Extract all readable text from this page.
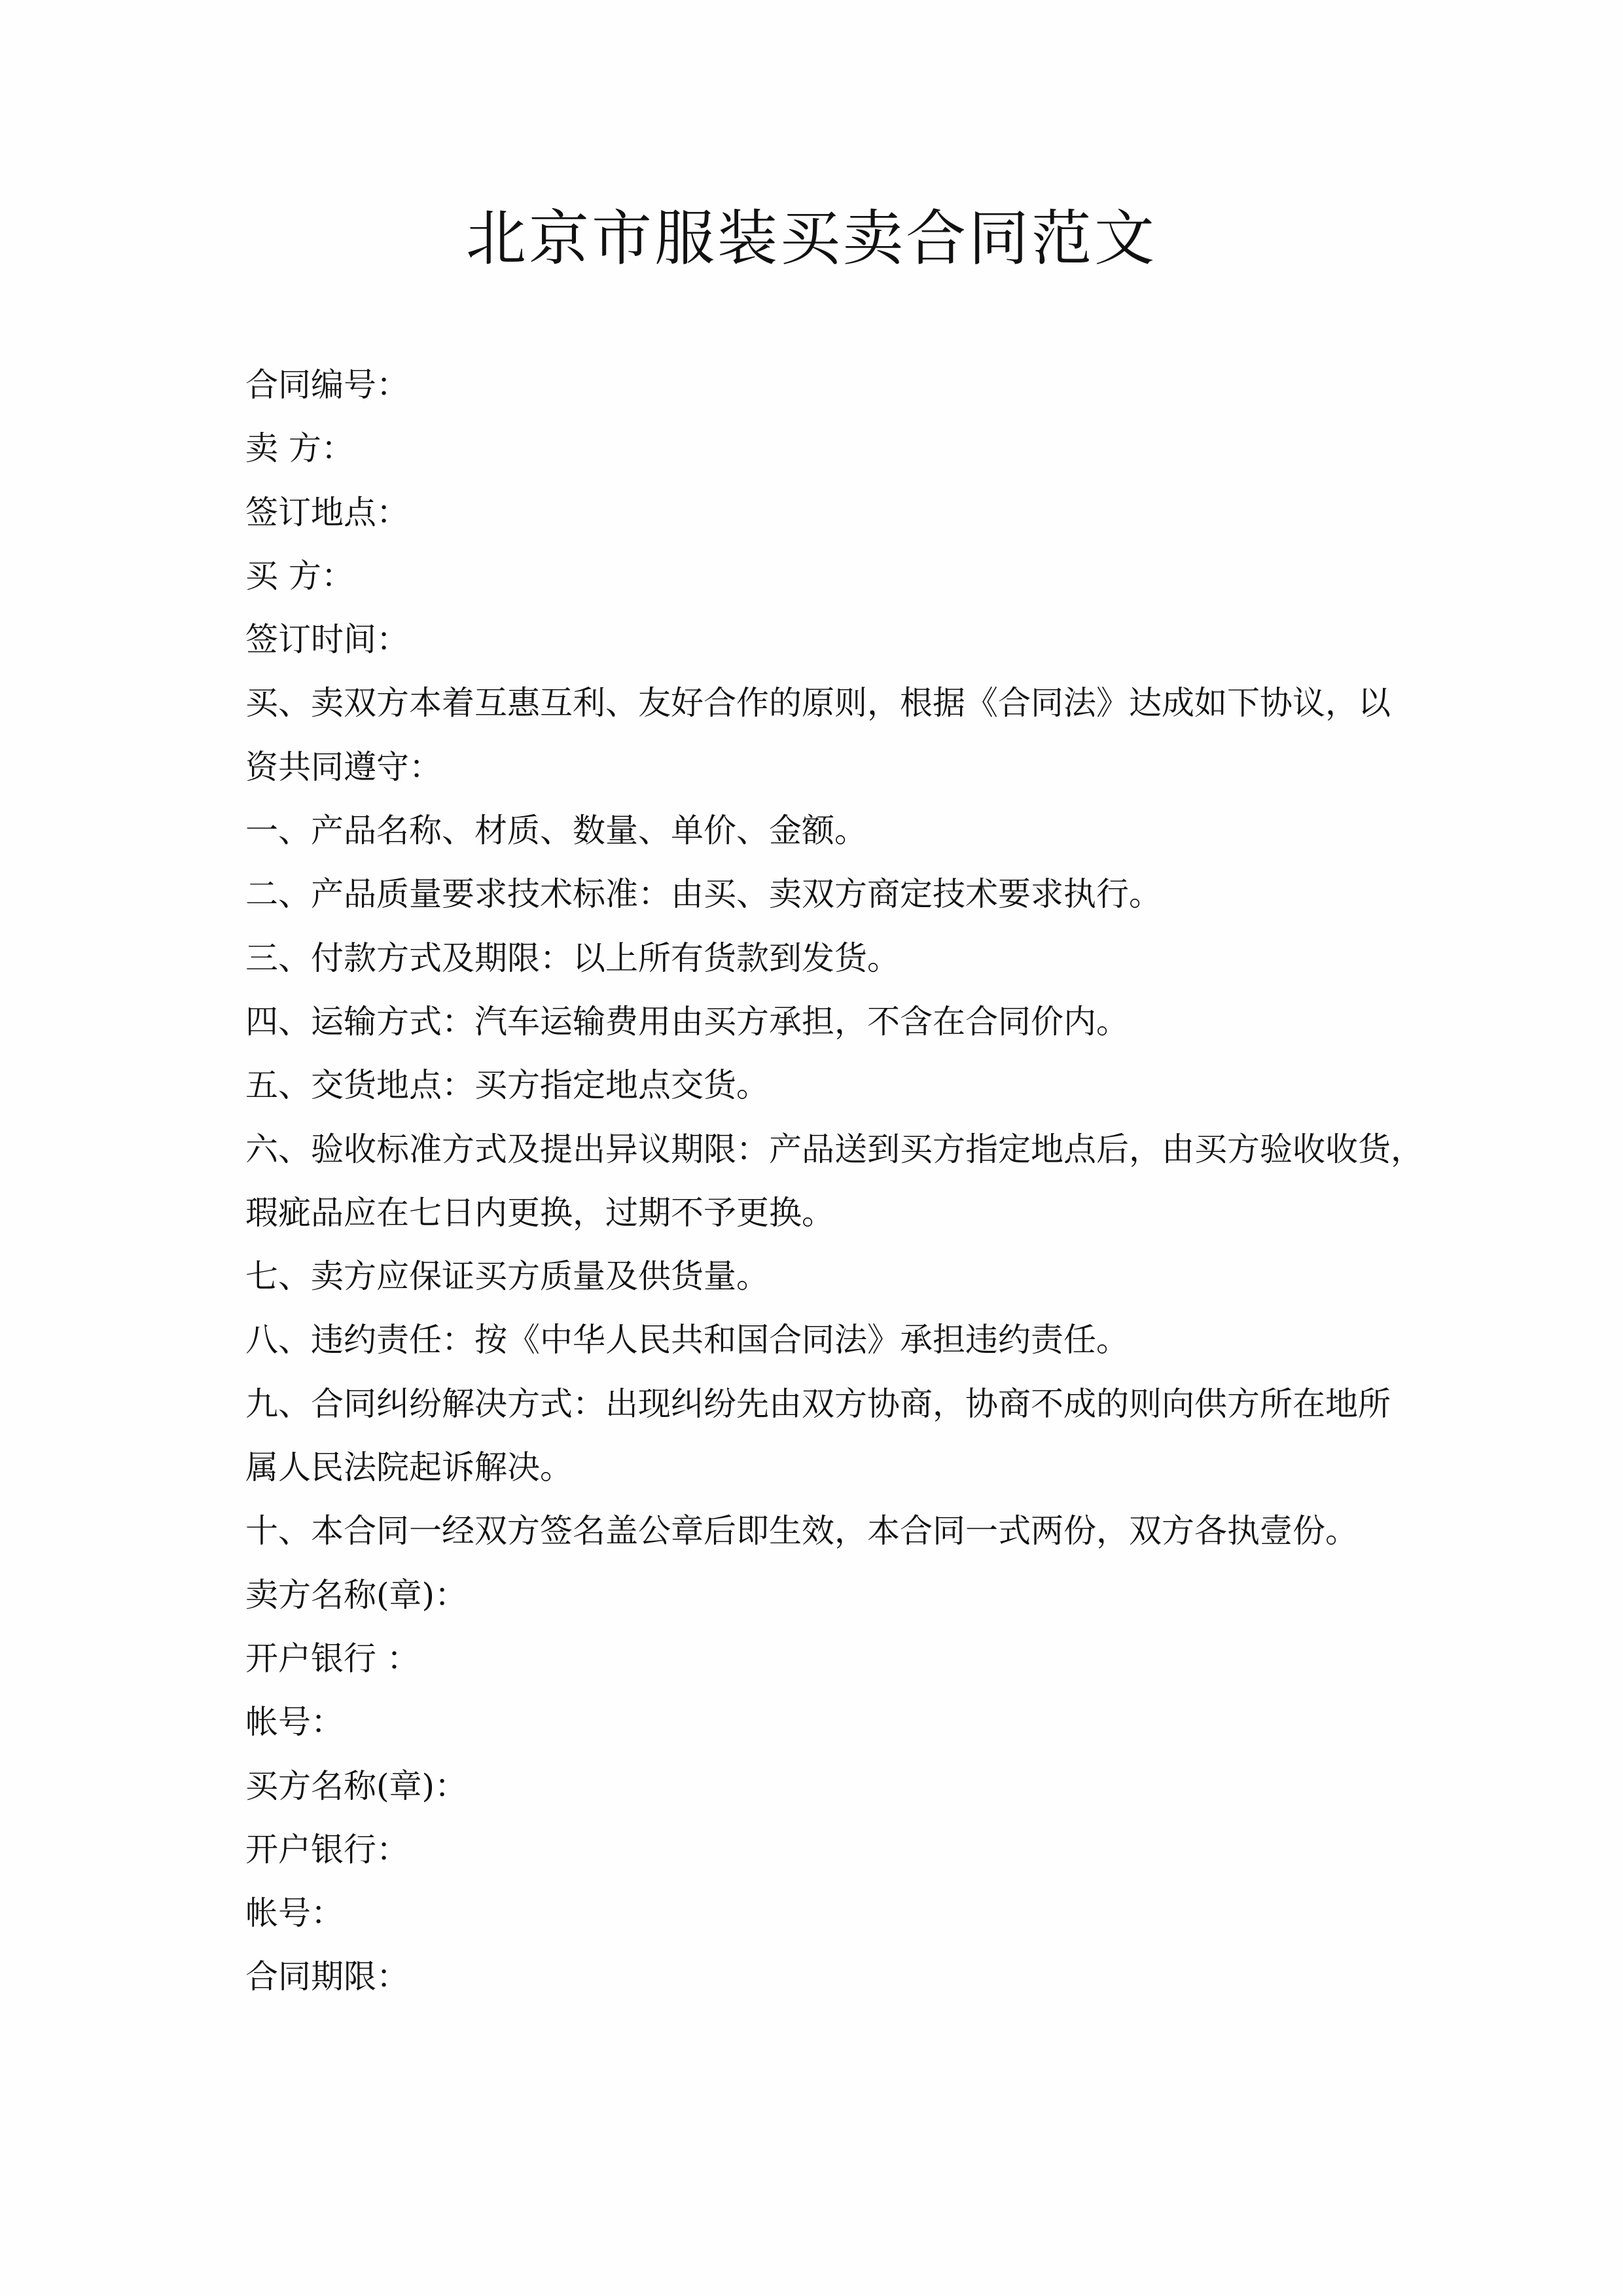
北京市服装买卖合同范文
合同编号：
卖 方：
签订地点：
买 方：
签订时间：
买、卖双方本着互惠互利、友好合作的原则，根据《合同法》达成如下协议，以
资共同遵守：
一、产品名称、材质、数量、单价、金额。
二、产品质量要求技术标准：由买、卖双方商定技术要求执行。
三、付款方式及期限：以上所有货款到发货。
四、运输方式：汽车运输费用由买方承担，不含在合同价内。
五、交货地点：买方指定地点交货。
六、验收标准方式及提出异议期限：产品送到买方指定地点后，由买方验收收货，
瑕疵品应在七日内更换，过期不予更换。
七、卖方应保证买方质量及供货量。
八、违约责任：按《中华人民共和国合同法》承担违约责任。
九、合同纠纷解决方式：出现纠纷先由双方协商，协商不成的则向供方所在地所
属人民法院起诉解决。
十、本合同一经双方签名盖公章后即生效，本合同一式两份，双方各执壹份。
卖方名称(章)：
开户银行 ：
帐号：
买方名称(章)：
开户银行：
帐号：
合同期限：
